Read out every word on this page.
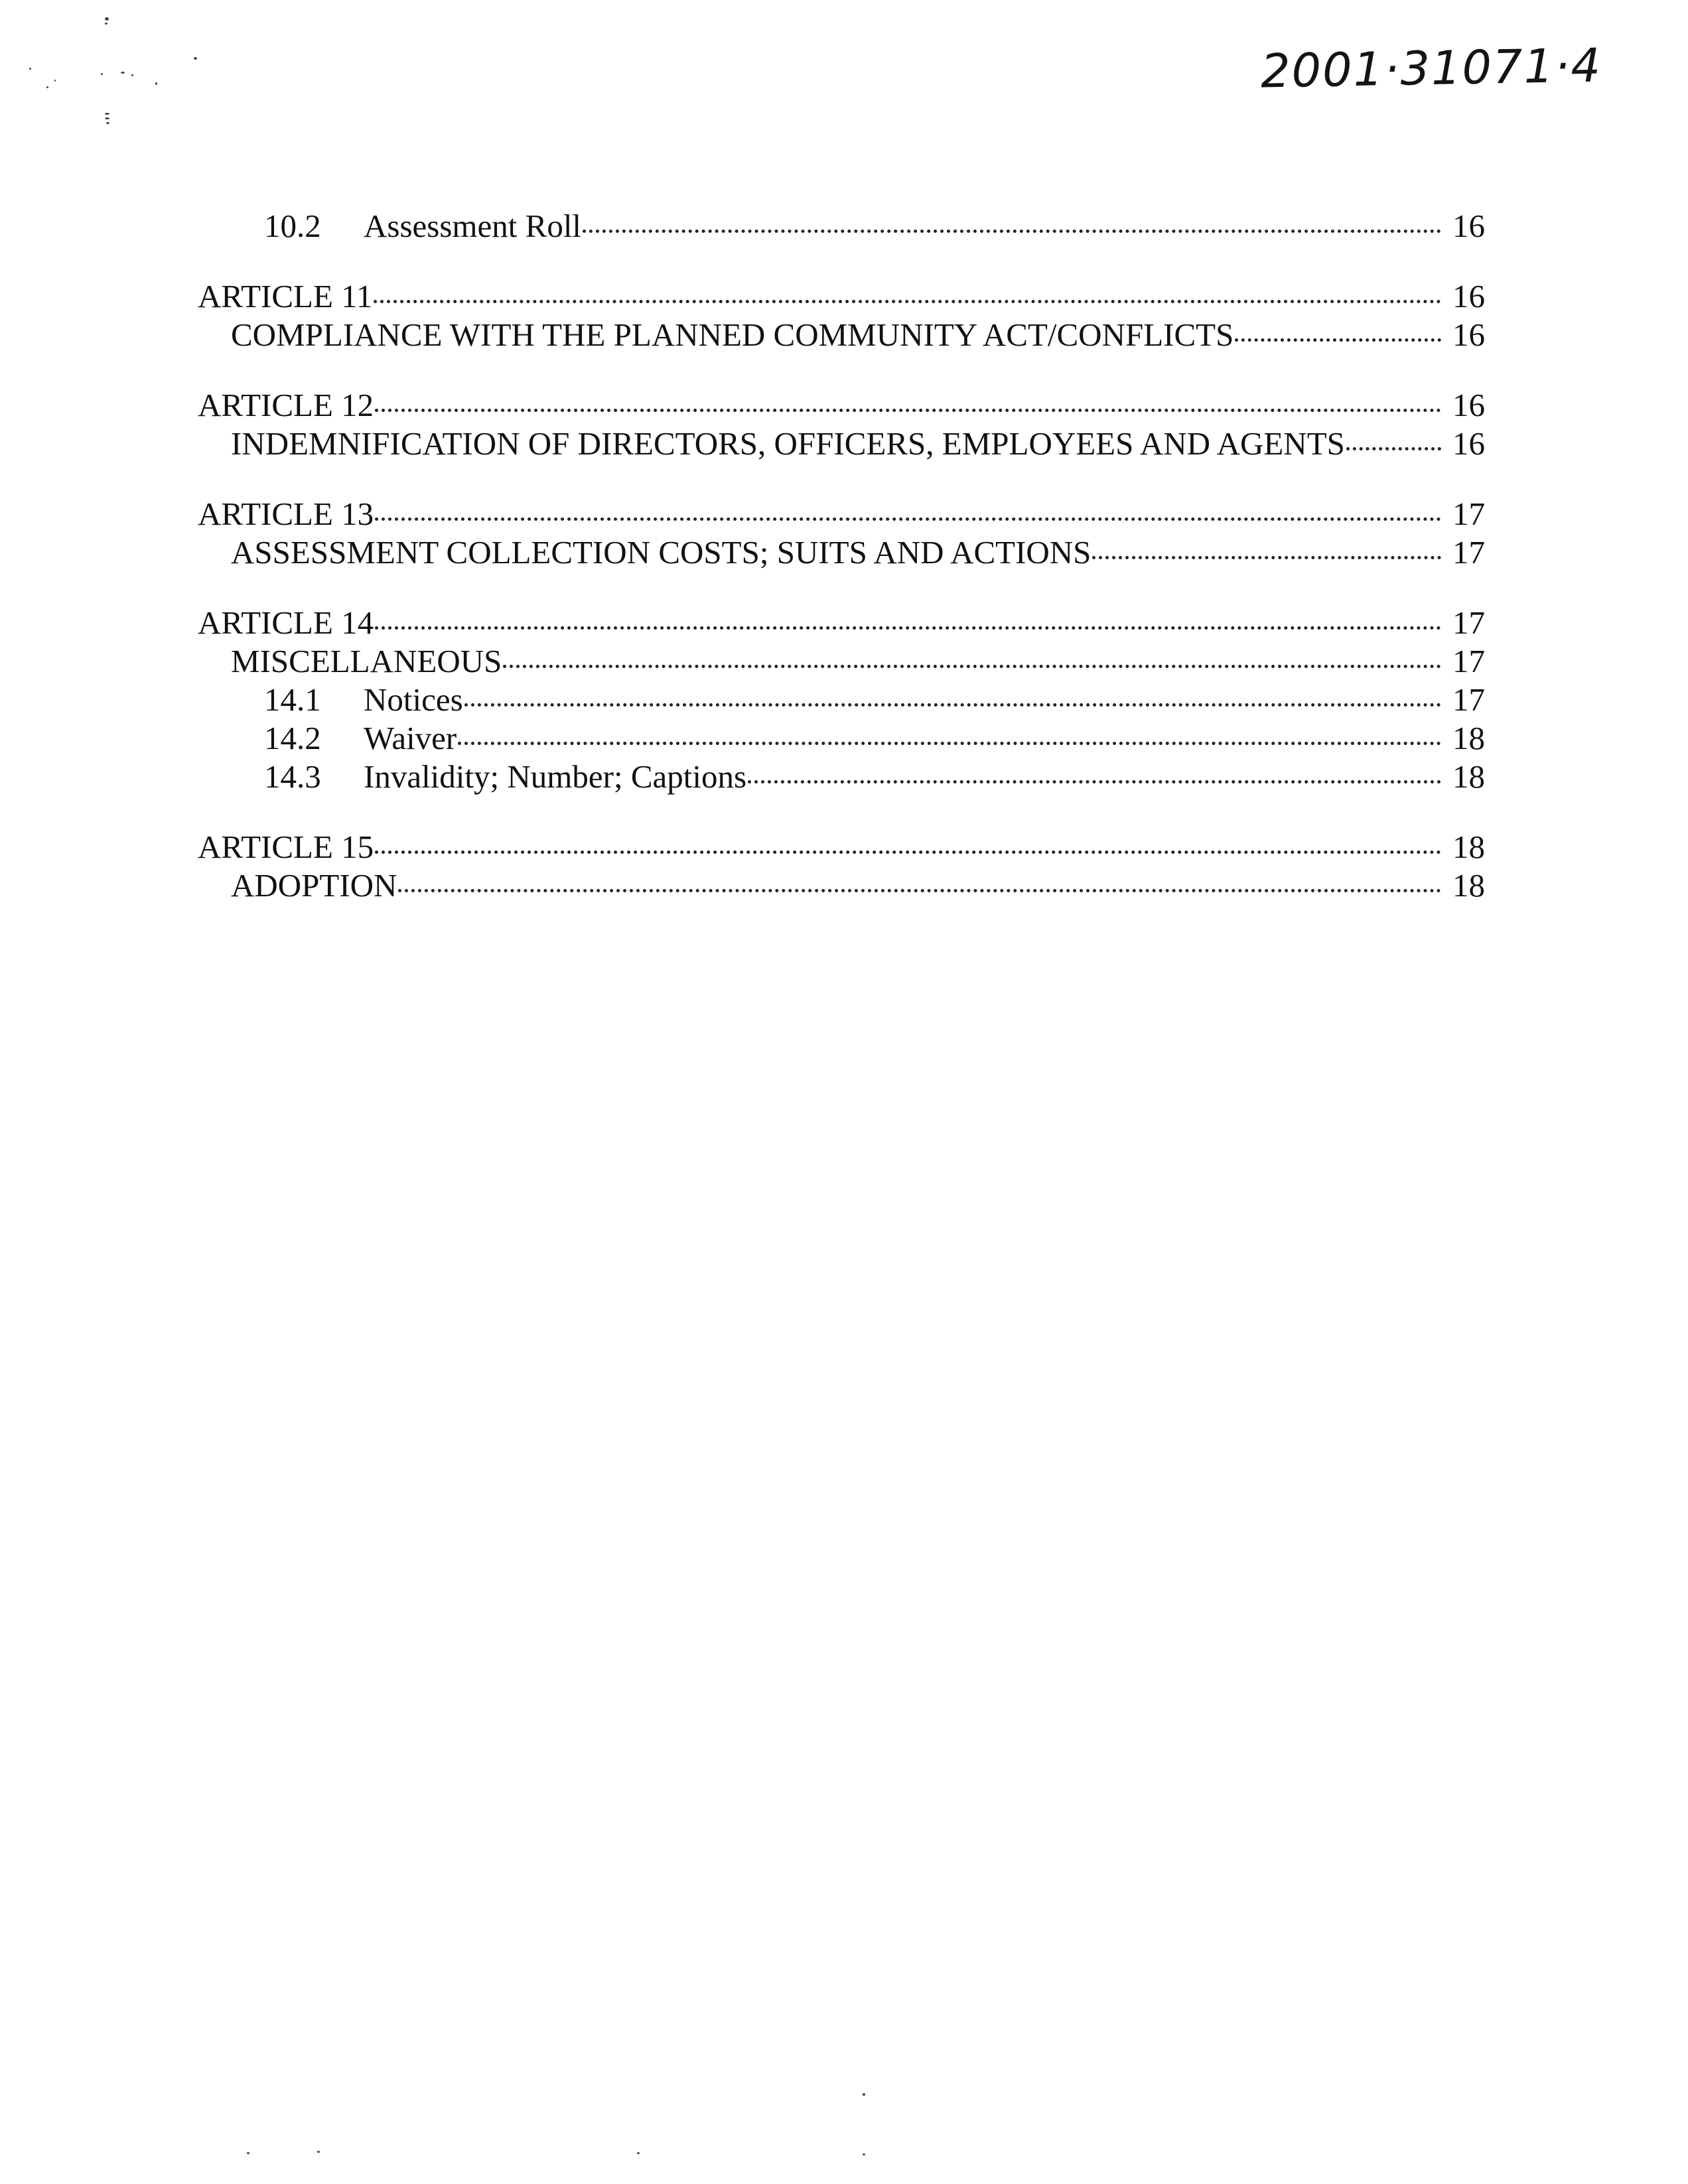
2001·31071·4
10.2	Assessment Roll	16
ARTICLE 11	16
COMPLIANCE WITH THE PLANNED COMMUNITY ACT/CONFLICTS	16
ARTICLE 12	16
INDEMNIFICATION OF DIRECTORS, OFFICERS, EMPLOYEES AND AGENTS	16
ARTICLE 13	17
ASSESSMENT COLLECTION COSTS; SUITS AND ACTIONS	17
ARTICLE 14	17
MISCELLANEOUS	17
14.1	Notices	17
14.2	Waiver	18
14.3	Invalidity; Number; Captions	18
ARTICLE 15	18
ADOPTION	18
